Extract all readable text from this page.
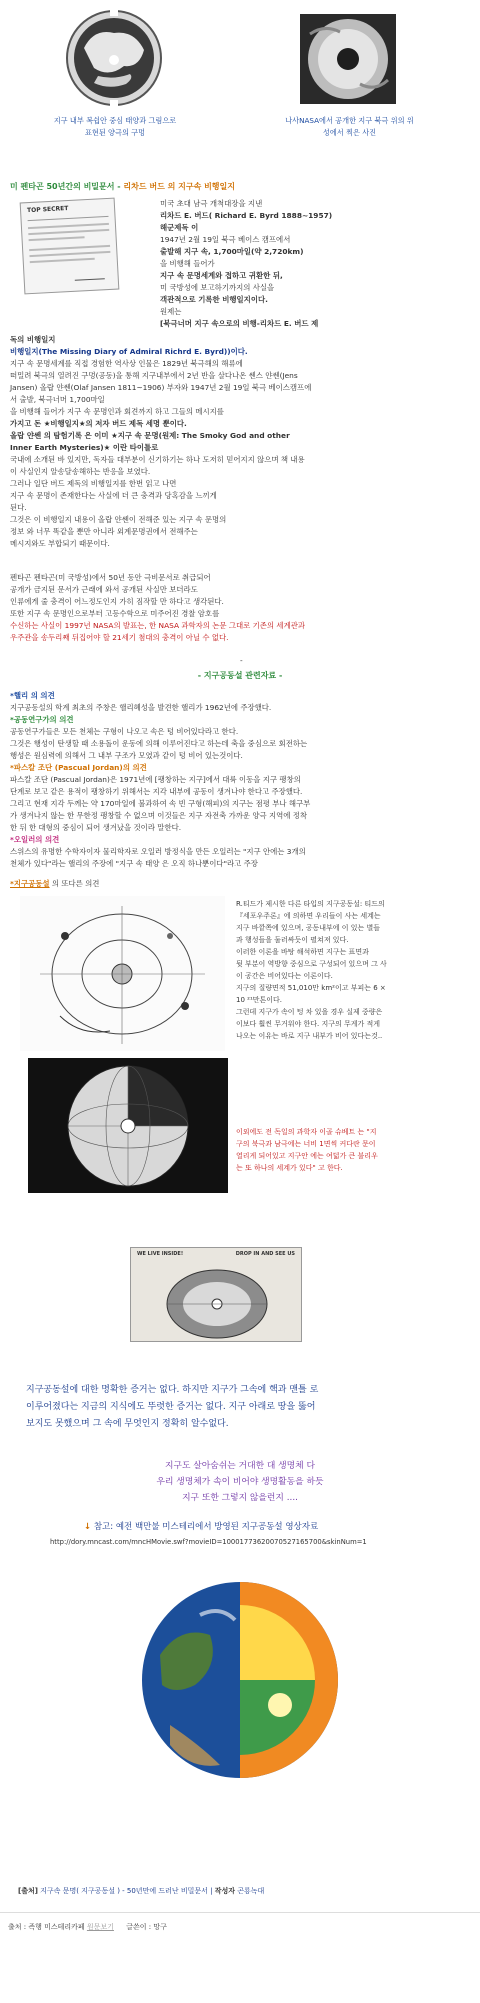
지구 내부 복쉽안 중심 태양과 그림으로 표현된 양극의 구멍
나사NASA에서 공개한 지구 북극 위의 위성에서 찍은 사진
미 펜타곤 50년간의 비밀문서 - 리차드 버드 의 지구속 비행일지
TOP SECRET
미국 초대 남극 개척대장을 지낸
리차드 E. 버드( Richard E. Byrd 1888~1957)
해군제독 이
1947년 2월 19일 북극 베이스 캠프에서
출발해 지구 속, 1,700마일(약 2,720km)
을 비행해 들어가
지구 속 문명세계와 접하고 귀환한 뒤,
미 국방성에 보고하기까지의 사실을
객관적으로 기록한 비행일지이다.
원제는
[북극너머 지구 속으로의 비행-리차드 E. 버드 제
독의 비행일지
비행일지(The Missing Diary of Admiral Richrd E. Byrd))이다.
지구 속 문명세계를 직접 경험한 역사상 인물은 1829년 북극해의 해류에
떠밀려 북극의 열려진 구멍(공동)을 통해 지구내부에서 2년 반을 살다나온 쎈스 얀쎈(Jens
Jansen) 올랍 얀쎈(Olaf Jansen 1811~1906) 부자와 1947년 2월 19일 북극 베이스캠프에
서 출발, 북극너머 1,700마일
을 비행해 들어가 지구 속 문명인과 회견까지 하고 그들의 메시지를
가지고 돈 ★비행일지★의 저자 버드 제독 세명 뿐이다.
올랍 얀쎈 의 탐험기록 은 이미 ★지구 속 문명(원제: The Smoky God and other
Inner Earth Mysteries)★ 이란 타이틀로
국내에 소개된 바 있지만, 독자들 대부분이 신기하기는 하나 도저히 믿어지지 않으며 책 내용
이 사실인지 알송달송해하는 반응을 보였다.
그러나 일단 버드 제독의 비행일지를 한번 읽고 나면
지구 속 문명이 존재한다는 사실에 더 큰 충격과 당혹감을 느끼게
된다.
그것은 이 비행일지 내용이 올랍 얀쎈이 전해준 있는 지구 속 문명의
정보 와 너무 똑같을 뿐만 아니라 외계문명권에서 전해주는
메시지와도 부합되기 때문이다.
펜타곤 펜타곤(미 국방성)에서 50년 동안 극비문서로 취급되어
공개가 금지된 문서가 근래에 와서 공개된 사실만 보더라도
인류에게 줄 충격이 어느정도인지 가히 짐작할 만 하다고 생각된다.
또한 지구 속 문명인으로부터 고등수학으로 미주어진 경찰 암호를
수신하는 사실이 1997년 NASA의 발표는, 한 NASA 과학자의 논문 그대로 기존의 세계관과
우주관을 송두리째 뒤집어야 할 21세기 첨대의 충격이 아닐 수 없다.
-
- 지구공동설 관련자료 -
*핼리 의 의견
지구공동설의 학계 최초의 주창은 핼리혜성을 발견한 핼리가 1962년에 주장했다.
*공동연구가의 의견
공동연구가들은 모든 천체는 구형이 나오고 속은 텅 비어있다라고 한다.
그것은 행성이 탄생할 때 소용돌이 운동에 의해 이루어진다고 하는데 축을 중심으로 회전하는
행성은 원심력에 의해서 그 내부 구조가 모였과 같이 텅 비어 있는것이다.
*파스칼 조단 (Pascual Jordan)의 의견
파스칼 조단 (Pascual Jordan)은 1971년에 [팽창하는 지구]에서 대륙 이동을 지구 팽창의
단계로 보고 같은 용적이 팽창하기 위해서는 지각 내부에 공동이 생겨나야 한다고 주장했다.
그리고 현재 지각 두께는 약 170마일에 불과하여 속 빈 구형(해피)의 지구는 점평 부나 해구부
가 생겨나지 않는 한 무한정 팽창할 수 없으며 이것들은 지구 자전축 가까운 양극 지역에 정착
한 뒤 한 대형의 중심이 되어 생겨났을 것이라 말한다.
*오일러의 의견
스위스의 유명한 수학자이자 물리학자로 오일러 방정식을 만든 오일러는 "지구 안에는 3개의
천체가 있다"라는 핼리의 주장에 "지구 속 태양 은 오직 하나뿐이다"라고 주장
*지구공동설 의 또다른 의견
R.티드가 제시한 다른 타입의 지구공동설: 티드의
『세포우주론』에 의하면 우리들이 사는 세계는
지구 바깥쪽에 있으며, 공동내부에 이 있는 별들
과 행성들을 둘러싸듯이 펼쳐져 있다.
이러한 이론을 바탕 해석하면 지구는 표면과
뒷 부분이 역방향 중심으로 구성되어 있으며 그 사
이 공간은 비어있다는 이론이다.
지구의 질량면적 51,010만 km²이고 부피는 6 ×
10 ²¹만톤이다.
그런데 지구가 속이 텅 차 있을 경우 실제 중량은
이보다 훨씬 무거워야 한다. 지구의 무게가 적게
나오는 이유는 바로 지구 내부가 비어 있다는것..
이외에도 전 독일의 과학자 이골 슈베트 는 "지
구의 북극과 남극에는 너비 1면씩 커다란 문이
열리게 되어있고 지구안 에는 여덟가 큰 불리우
는 또 하나의 세계가 있다" 고 한다.
WE LIVE INSIDE!	DROP IN AND SEE US
지구공동설에 대한 명확한 증거는 없다. 하지만 지구가 그속에 핵과 맨틀 로
이루어졌다는 지금의 지식에도 뚜렷한 증거는 없다. 지구 아래로 땅을 뚫어
보지도 못했으며 그 속에 무엇인지 정확히 알수없다.
지구도 살아숨쉬는 거대한 대 생명체 다
우리 생명체가 속이 비어야 생명활동을 하듯
지구 또한 그렇지 않을런지 ....
↓ 참고: 예전 백만불 미스테리에서 방영된 지구공동설 영상자료
http://dory.mncast.com/mncHMovie.swf?movieID=10001773620070527165700&skinNum=1
[출처] 지구속 문명( 지구공동설 ) - 50년만에 드러난 비밀문서 | 작성자 곤룡녹대
출처 : 즉행 미스테리카페 원문보기 글쓴이 : 망구
